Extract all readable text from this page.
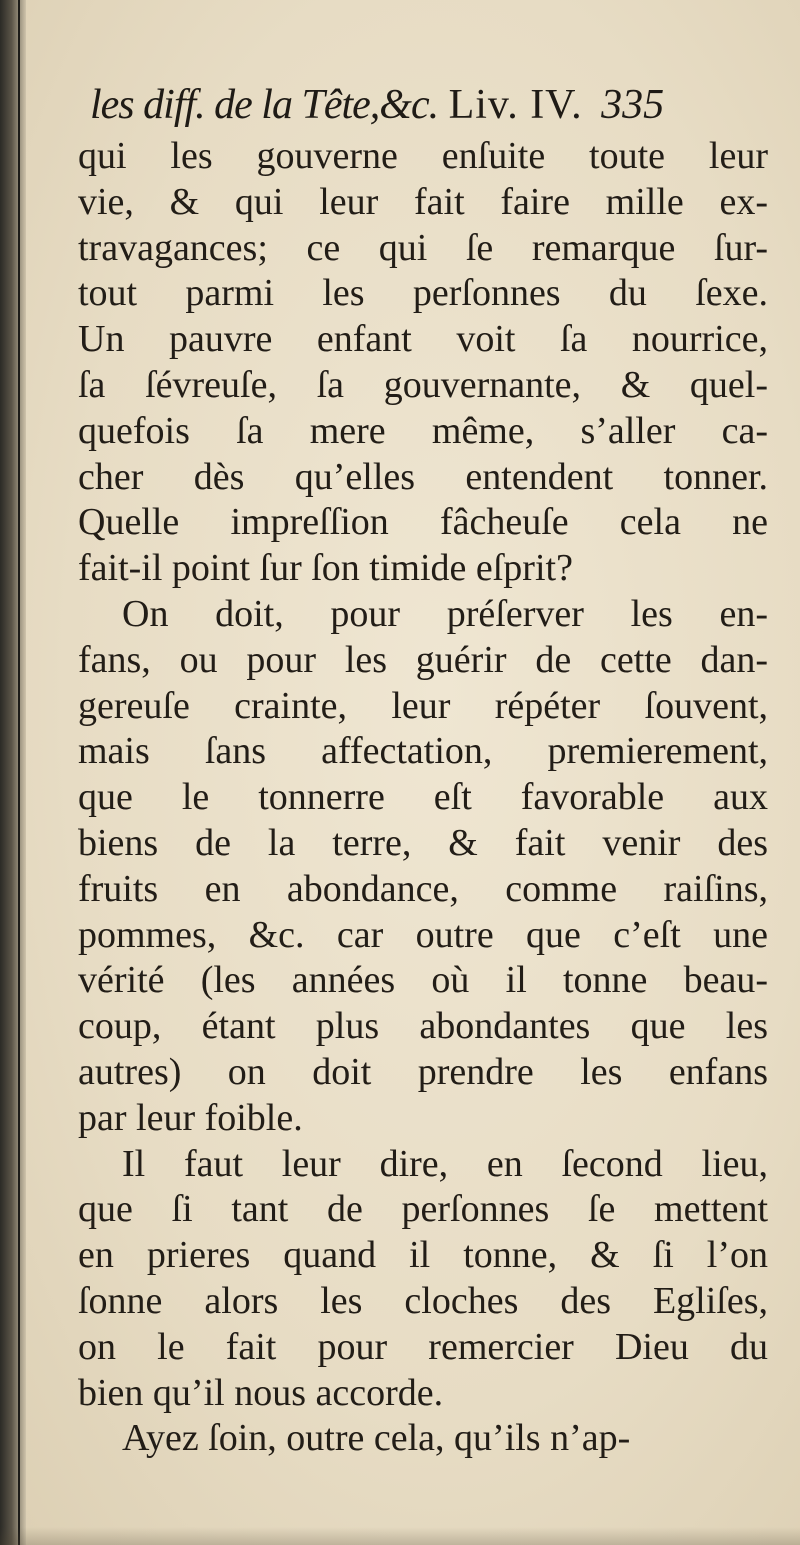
les diff. de la Tête,&c. Liv. IV. 335
qui les gouverne enſuite toute leur
vie, & qui leur fait faire mille ex-
travagances; ce qui ſe remarque ſur-
tout parmi les perſonnes du ſexe.
Un pauvre enfant voit ſa nourrice,
ſa ſévreuſe, ſa gouvernante, & quel-
quefois ſa mere même, s’aller ca-
cher dès qu’elles entendent tonner.
Quelle impreſſion fâcheuſe cela ne
fait-il point ſur ſon timide eſprit?
On doit, pour préſerver les en-
fans, ou pour les guérir de cette dan-
gereuſe crainte, leur répéter ſouvent,
mais ſans affectation, premierement,
que le tonnerre eſt favorable aux
biens de la terre, & fait venir des
fruits en abondance, comme raiſins,
pommes, &c. car outre que c’eſt une
vérité (les années où il tonne beau-
coup, étant plus abondantes que les
autres) on doit prendre les enfans
par leur foible.
Il faut leur dire, en ſecond lieu,
que ſi tant de perſonnes ſe mettent
en prieres quand il tonne, & ſi l’on
ſonne alors les cloches des Egliſes,
on le fait pour remercier Dieu du
bien qu’il nous accorde.
Ayez ſoin, outre cela, qu’ils n’ap-
